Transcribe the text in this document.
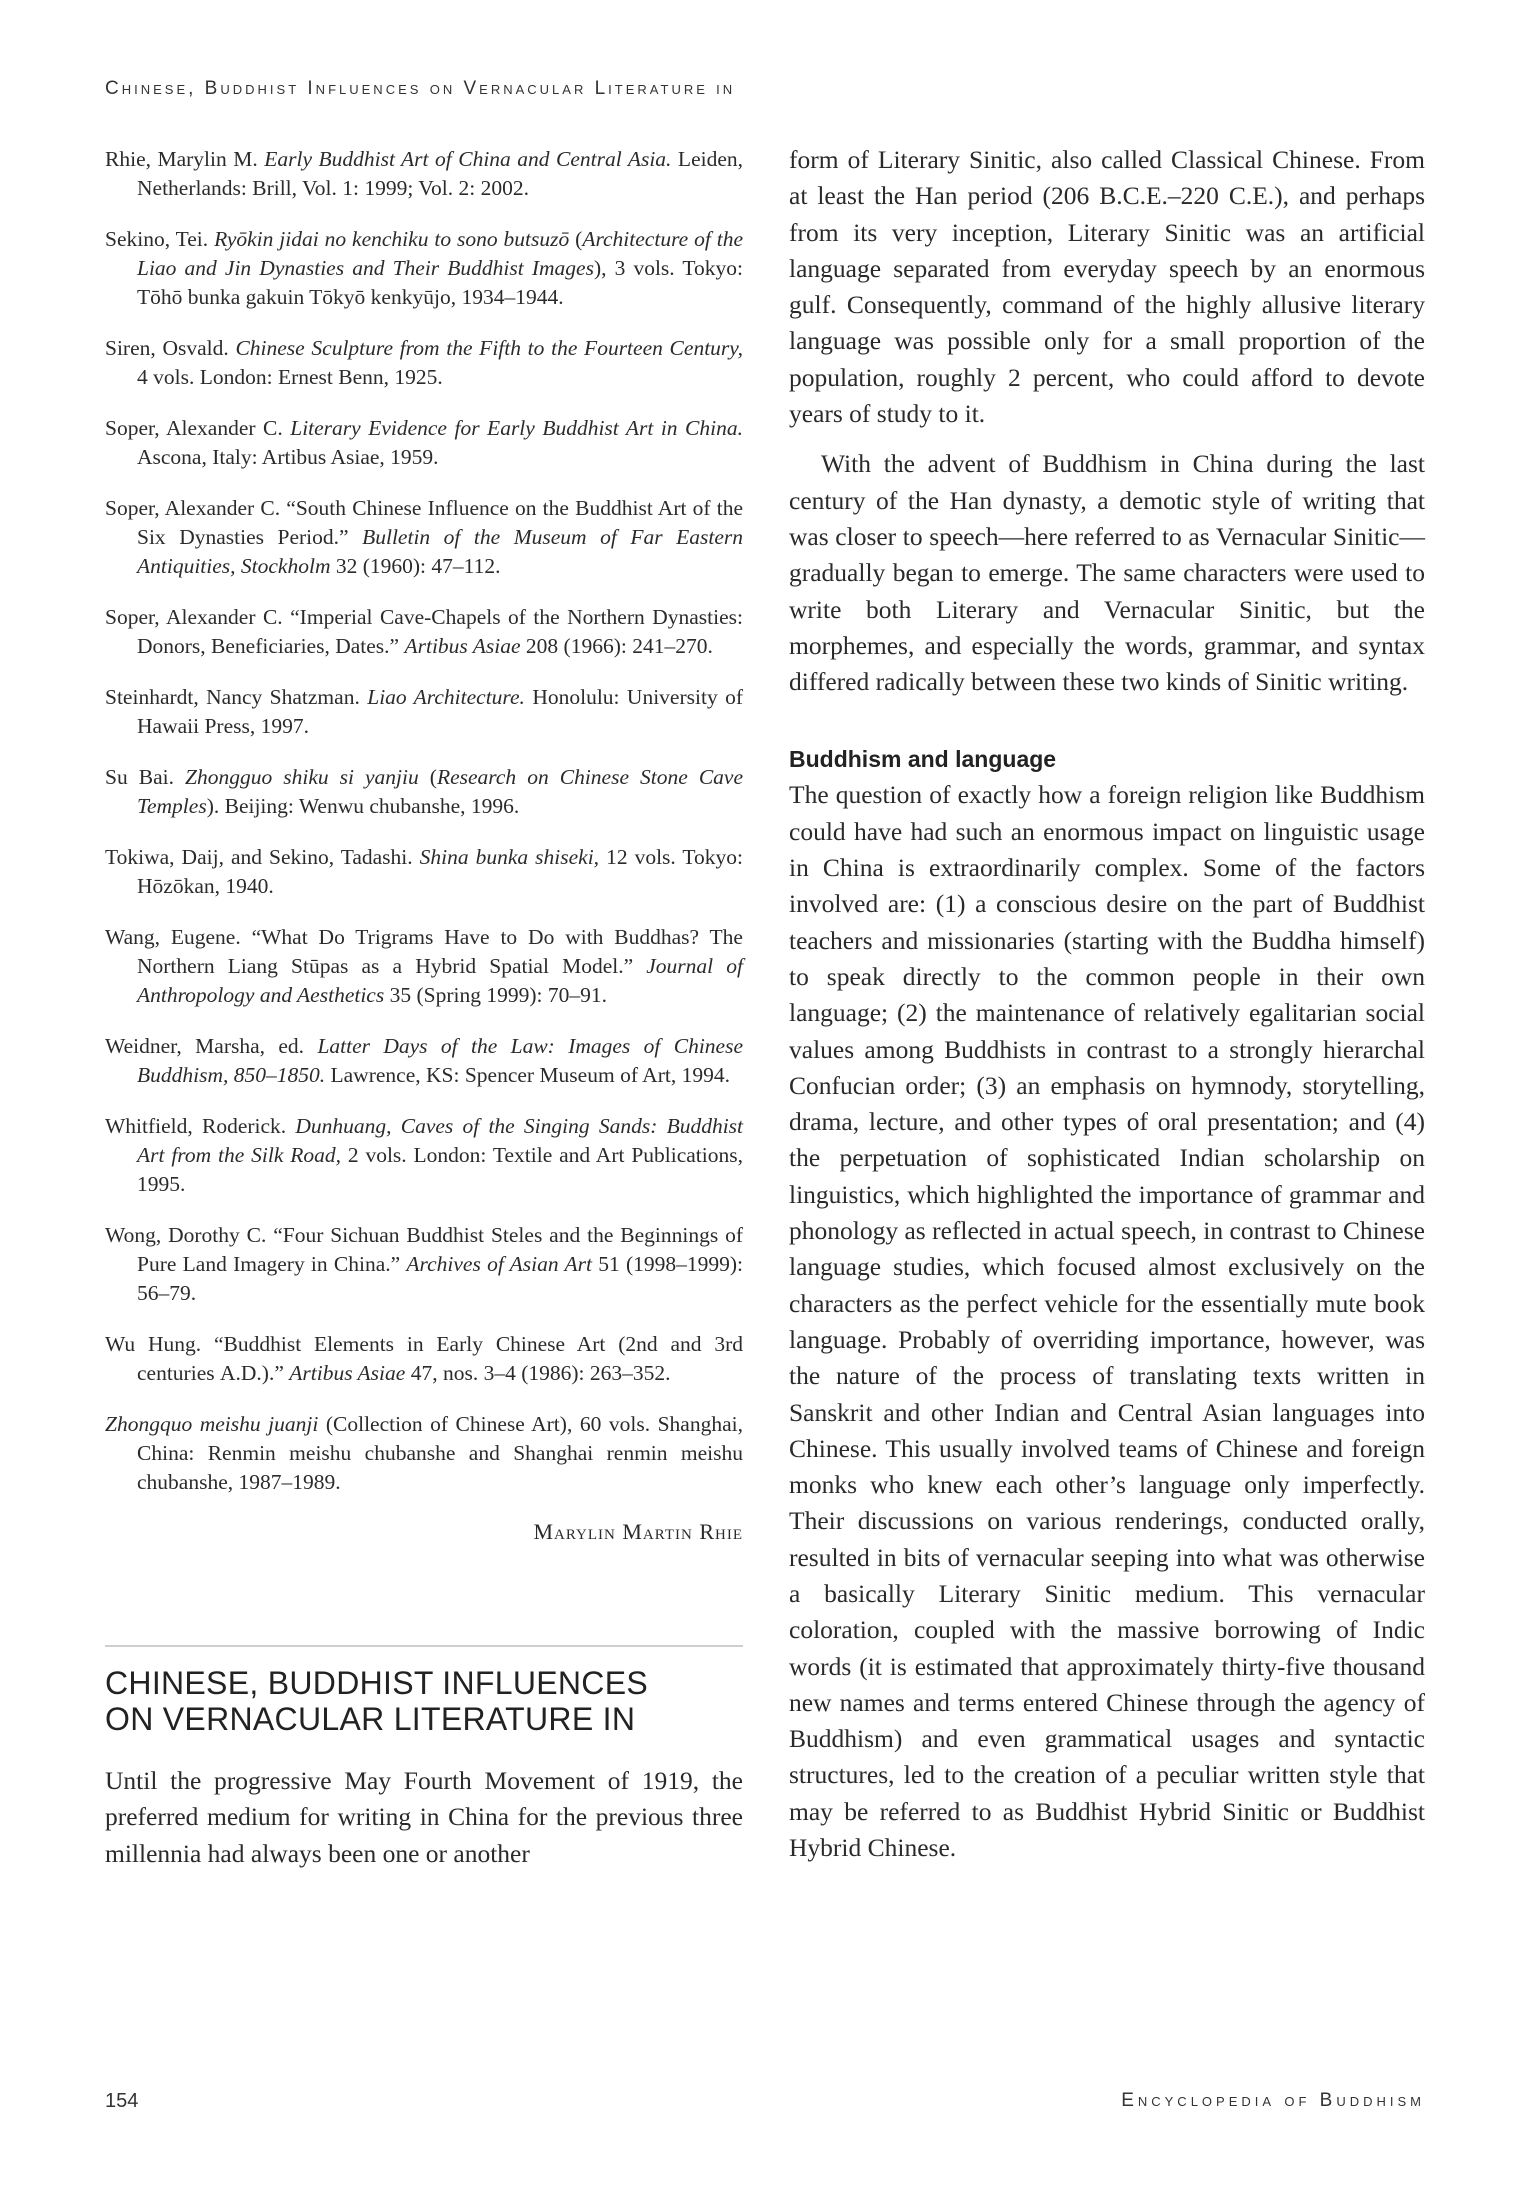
Chinese, Buddhist Influences on Vernacular Literature in

Rhie, Marylin M. Early Buddhist Art of China and Central Asia. Leiden, Netherlands: Brill, Vol. 1: 1999; Vol. 2: 2002.

Sekino, Tei. Ryōkin jidai no kenchiku to sono butsuzō (Architecture of the Liao and Jin Dynasties and Their Buddhist Images), 3 vols. Tokyo: Tōhō bunka gakuin Tōkyō kenkyūjo, 1934–1944.

Siren, Osvald. Chinese Sculpture from the Fifth to the Fourteen Century, 4 vols. London: Ernest Benn, 1925.

Soper, Alexander C. Literary Evidence for Early Buddhist Art in China. Ascona, Italy: Artibus Asiae, 1959.

Soper, Alexander C. “South Chinese Influence on the Buddhist Art of the Six Dynasties Period.” Bulletin of the Museum of Far Eastern Antiquities, Stockholm 32 (1960): 47–112.

Soper, Alexander C. “Imperial Cave-Chapels of the Northern Dynasties: Donors, Beneficiaries, Dates.” Artibus Asiae 208 (1966): 241–270.

Steinhardt, Nancy Shatzman. Liao Architecture. Honolulu: University of Hawaii Press, 1997.

Su Bai. Zhongguo shiku si yanjiu (Research on Chinese Stone Cave Temples). Beijing: Wenwu chubanshe, 1996.

Tokiwa, Daij, and Sekino, Tadashi. Shina bunka shiseki, 12 vols. Tokyo: Hōzōkan, 1940.

Wang, Eugene. “What Do Trigrams Have to Do with Buddhas? The Northern Liang Stūpas as a Hybrid Spatial Model.” Journal of Anthropology and Aesthetics 35 (Spring 1999): 70–91.

Weidner, Marsha, ed. Latter Days of the Law: Images of Chinese Buddhism, 850–1850. Lawrence, KS: Spencer Museum of Art, 1994.

Whitfield, Roderick. Dunhuang, Caves of the Singing Sands: Buddhist Art from the Silk Road, 2 vols. London: Textile and Art Publications, 1995.

Wong, Dorothy C. “Four Sichuan Buddhist Steles and the Beginnings of Pure Land Imagery in China.” Archives of Asian Art 51 (1998–1999): 56–79.

Wu Hung. “Buddhist Elements in Early Chinese Art (2nd and 3rd centuries A.D.).” Artibus Asiae 47, nos. 3–4 (1986): 263–352.

Zhongquo meishu juanji (Collection of Chinese Art), 60 vols. Shanghai, China: Renmin meishu chubanshe and Shanghai renmin meishu chubanshe, 1987–1989.

Marylin Martin Rhie
CHINESE, BUDDHIST INFLUENCES
ON VERNACULAR LITERATURE IN

Until the progressive May Fourth Movement of 1919, the preferred medium for writing in China for the previous three millennia had always been one or another

form of Literary Sinitic, also called Classical Chinese. From at least the Han period (206 B.C.E.–220 C.E.), and perhaps from its very inception, Literary Sinitic was an artificial language separated from everyday speech by an enormous gulf. Consequently, command of the highly allusive literary language was possible only for a small proportion of the population, roughly 2 percent, who could afford to devote years of study to it.

With the advent of Buddhism in China during the last century of the Han dynasty, a demotic style of writing that was closer to speech—here referred to as Vernacular Sinitic—gradually began to emerge. The same characters were used to write both Literary and Vernacular Sinitic, but the morphemes, and especially the words, grammar, and syntax differed radically between these two kinds of Sinitic writing.

Buddhism and language

The question of exactly how a foreign religion like Buddhism could have had such an enormous impact on linguistic usage in China is extraordinarily complex. Some of the factors involved are: (1) a conscious desire on the part of Buddhist teachers and missionaries (starting with the Buddha himself) to speak directly to the common people in their own language; (2) the maintenance of relatively egalitarian social values among Buddhists in contrast to a strongly hierarchal Confucian order; (3) an emphasis on hymnody, storytelling, drama, lecture, and other types of oral presentation; and (4) the perpetuation of sophisticated Indian scholarship on linguistics, which highlighted the importance of grammar and phonology as reflected in actual speech, in contrast to Chinese language studies, which focused almost exclusively on the characters as the perfect vehicle for the essentially mute book language. Probably of overriding importance, however, was the nature of the process of translating texts written in Sanskrit and other Indian and Central Asian languages into Chinese. This usually involved teams of Chinese and foreign monks who knew each other’s language only imperfectly. Their discussions on various renderings, conducted orally, resulted in bits of vernacular seeping into what was otherwise a basically Literary Sinitic medium. This vernacular coloration, coupled with the massive borrowing of Indic words (it is estimated that approximately thirty-five thousand new names and terms entered Chinese through the agency of Buddhism) and even grammatical usages and syntactic structures, led to the creation of a peculiar written style that may be referred to as Buddhist Hybrid Sinitic or Buddhist Hybrid Chinese.

154	Encyclopedia of Buddhism
